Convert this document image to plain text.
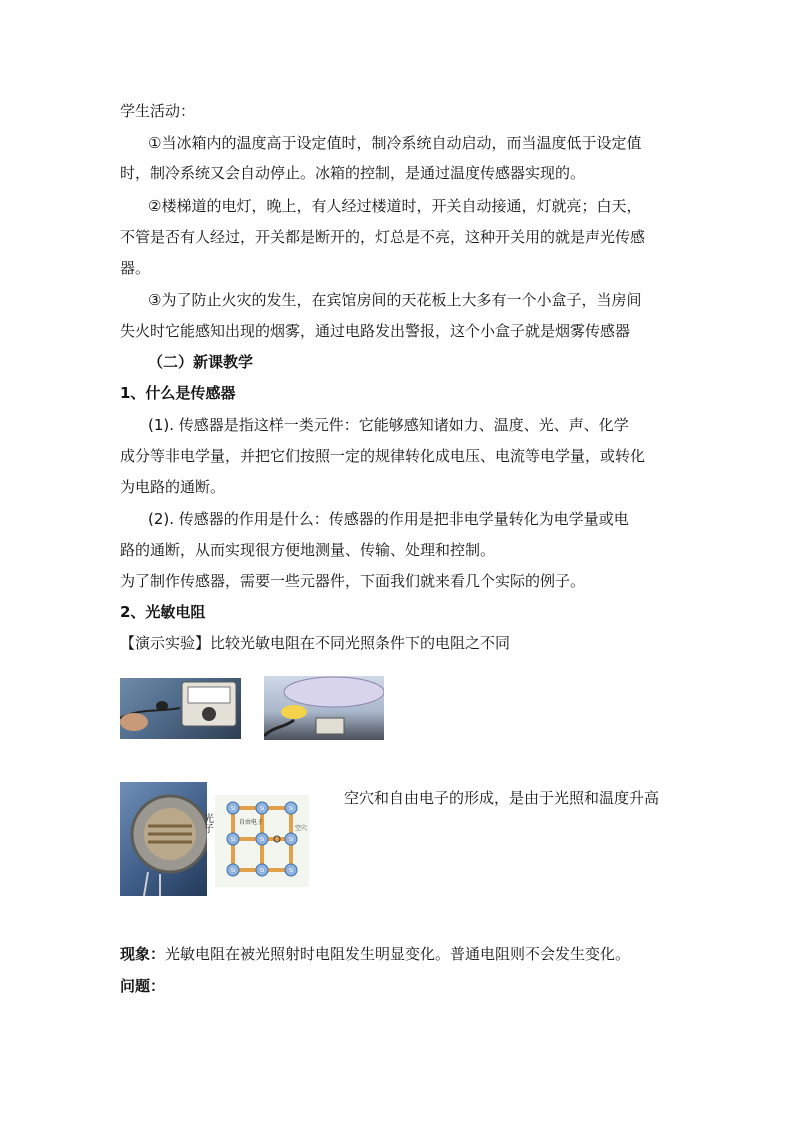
学生活动：
①当冰箱内的温度高于设定值时，制冷系统自动启动，而当温度低于设定值
时，制冷系统又会自动停止。冰箱的控制，是通过温度传感器实现的。
②楼梯道的电灯，晚上，有人经过楼道时，开关自动接通，灯就亮；白天，
不管是否有人经过，开关都是断开的，灯总是不亮，这种开关用的就是声光传感
器。
③为了防止火灾的发生，在宾馆房间的天花板上大多有一个小盒子，当房间
失火时它能感知出现的烟雾，通过电路发出警报，这个小盒子就是烟雾传感器
（二）新课教学
1、什么是传感器
(1). 传感器是指这样一类元件：它能够感知诸如力、温度、光、声、化学
成分等非电学量，并把它们按照一定的规律转化成电压、电流等电学量，或转化
为电路的通断。
(2). 传感器的作用是什么：传感器的作用是把非电学量转化为电学量或电
路的通断，从而实现很方便地测量、传输、处理和控制。
为了制作传感器，需要一些元器件，下面我们就来看几个实际的例子。
2、光敏电阻
【演示实验】比较光敏电阻在不同光照条件下的电阻之不同
光子
Si	Si	Si
Si	Si	Si
Si	Si	Si
自由电子
空穴
空穴和自由电子的形成，是由于光照和温度升高
现象：光敏电阻在被光照射时电阻发生明显变化。普通电阻则不会发生变化。
问题：
